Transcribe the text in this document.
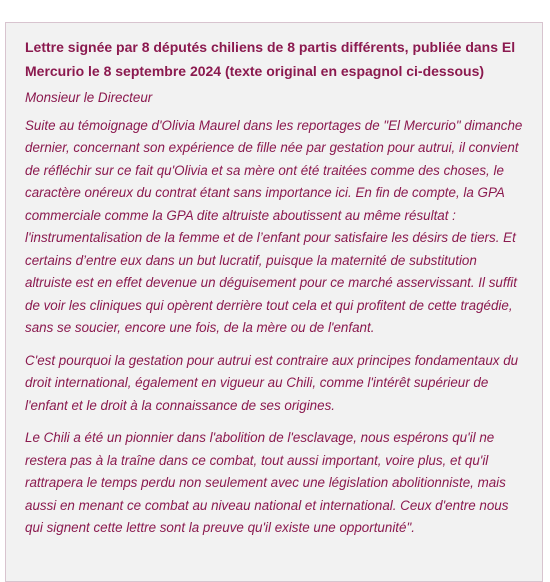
Lettre signée par 8 députés chiliens de 8 partis différents, publiée dans El Mercurio le 8 septembre 2024 (texte original en espagnol ci-dessous)

Monsieur le Directeur

Suite au témoignage d'Olivia Maurel dans les reportages de "El Mercurio" dimanche dernier, concernant son expérience de fille née par gestation pour autrui, il convient de réfléchir sur ce fait qu'Olivia et sa mère ont été traitées comme des choses, le caractère onéreux du contrat étant sans importance ici. En fin de compte, la GPA commerciale comme la GPA dite altruiste aboutissent au même résultat : l'instrumentalisation de la femme et de l’enfant pour satisfaire les désirs de tiers. Et certains d’entre eux dans un but lucratif, puisque la maternité de substitution altruiste est en effet devenue un déguisement pour ce marché asservissant. Il suffit de voir les cliniques qui opèrent derrière tout cela et qui profitent de cette tragédie, sans se soucier, encore une fois, de la mère ou de l'enfant.

C'est pourquoi la gestation pour autrui est contraire aux principes fondamentaux du droit international, également en vigueur au Chili, comme l'intérêt supérieur de l'enfant et le droit à la connaissance de ses origines.

Le Chili a été un pionnier dans l'abolition de l'esclavage, nous espérons qu'il ne restera pas à la traîne dans ce combat, tout aussi important, voire plus, et qu'il rattrapera le temps perdu non seulement avec une législation abolitionniste, mais aussi en menant ce combat au niveau national et international. Ceux d'entre nous qui signent cette lettre sont la preuve qu'il existe une opportunité".
